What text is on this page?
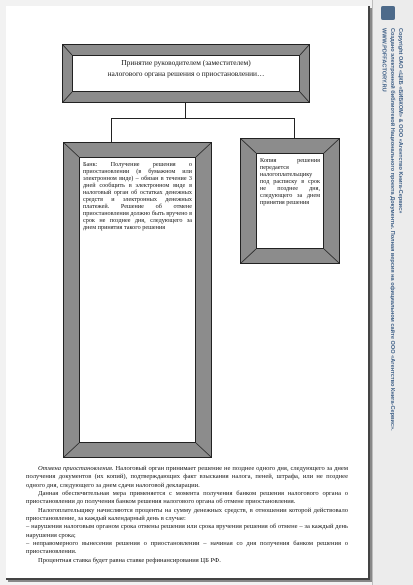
Copyright ОАО «ЦКБ «БИБКОМ» & ООО «Aгентство Kнига-Cервис»
Создано электронной библиотекой Национального проекта Документы. Полная версия на официальном сайте ООО «Агентство Книга-Сервис».
WWW.PDFFACTORY.RU
Принятие руководителем (заместителем)
налогового органа решения о приостановлении…
Банк: Получение решения о приостановлении (в бумажном или электронном виде) – обязан в течение 3 дней сообщить в электронном виде в налоговый орган об остатках денежных средств и электронных денежных платежей. Решение об отмене приостановления должно быть вручено в срок не позднее дня, следующего за днем принятия такого решения
Копия решения передается налогоплательщику под расписку в срок не позднее дня, следующего за днем принятия решения

Отмена приостановления. Налоговый орган принимает решение не позднее одного дня, следующего за днем получения документов (их копий), подтверждающих факт взыскания налога, пеней, штрафа, или не позднее одного дня, следующего за днем сдачи налоговой декларации.

Данная обеспечительная мера применяется с момента получения банком решения налогового органа о приостановлении до получения банком решения налогового органа об отмене приостановления.

Налогоплательщику начисляются проценты на сумму денежных средств, в отношении которой действовало приостановление, за каждый календарный день в случае:

– нарушения налоговым органом срока отмены решения или срока вручения решения об отмене – за каждый день нарушения срока;

– неправомерного вынесения решения о приостановлении – начиная со дня получения банком решения о приостановлении.

Процентная ставка будет равна ставке рефинансирования ЦБ РФ.
